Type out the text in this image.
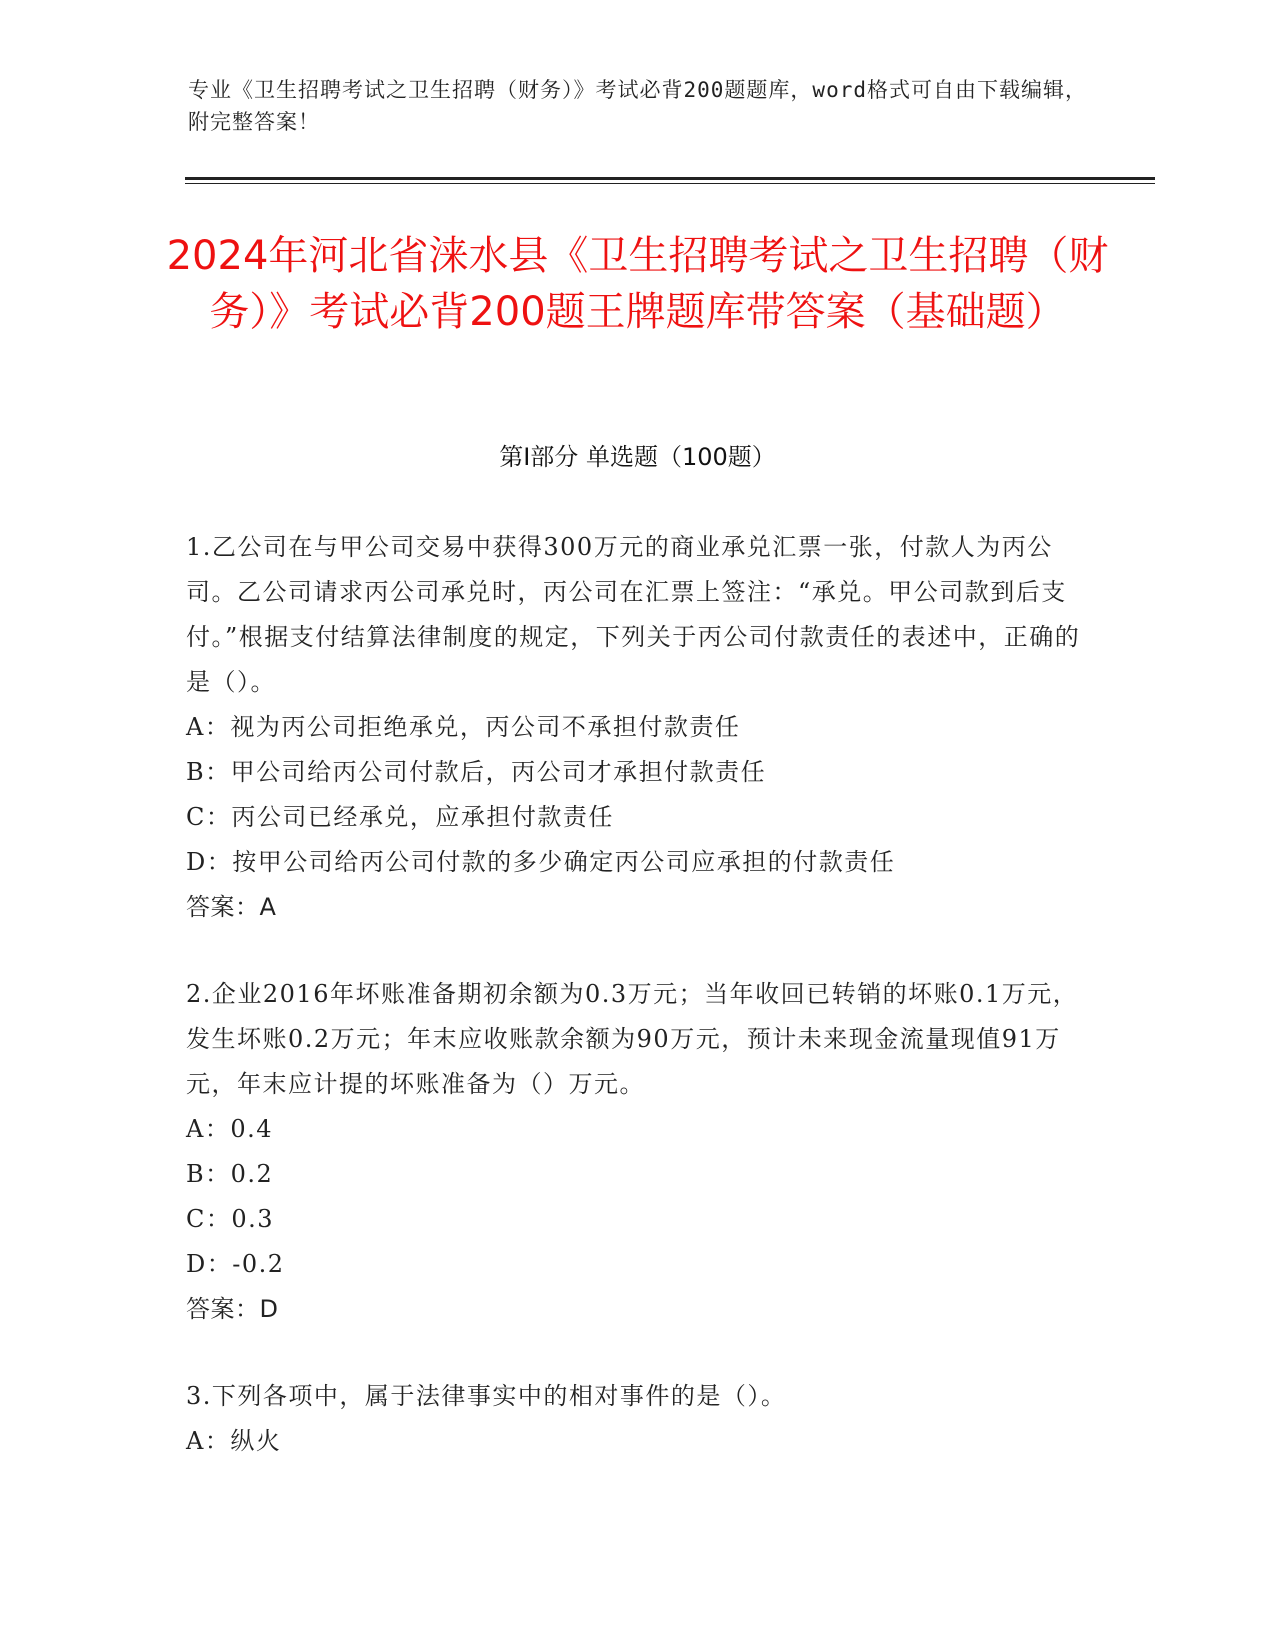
专业《卫生招聘考试之卫生招聘（财务）》考试必背200题题库，word格式可自由下载编辑，附完整答案！
2024年河北省涞水县《卫生招聘考试之卫生招聘（财务）》考试必背200题王牌题库带答案（基础题）
第I部分 单选题（100题）

1.乙公司在与甲公司交易中获得300万元的商业承兑汇票一张，付款人为丙公司。乙公司请求丙公司承兑时，丙公司在汇票上签注：“承兑。甲公司款到后支付。”根据支付结算法律制度的规定，下列关于丙公司付款责任的表述中，正确的是（）。

A：视为丙公司拒绝承兑，丙公司不承担付款责任

B：甲公司给丙公司付款后，丙公司才承担付款责任

C：丙公司已经承兑，应承担付款责任

D：按甲公司给丙公司付款的多少确定丙公司应承担的付款责任

答案：A

2.企业2016年坏账准备期初余额为0.3万元；当年收回已转销的坏账0.1万元，发生坏账0.2万元；年末应收账款余额为90万元，预计未来现金流量现值91万元，年末应计提的坏账准备为（）万元。

A：0.4

B：0.2

C：0.3

D：-0.2

答案：D

3.下列各项中，属于法律事实中的相对事件的是（）。

A：纵火
